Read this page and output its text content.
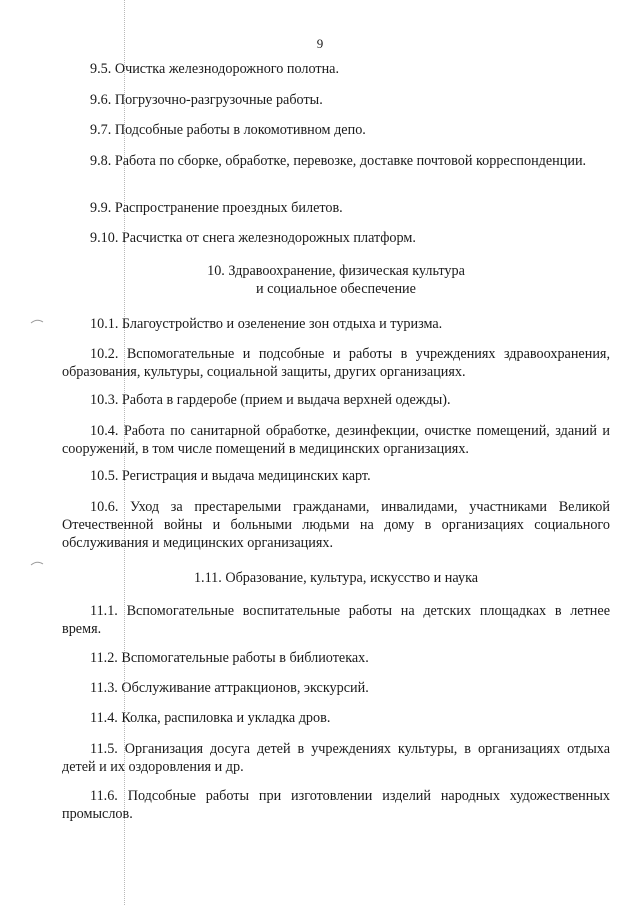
9

9.5. Очистка железнодорожного полотна.

9.6. Погрузочно-разгрузочные работы.

9.7. Подсобные работы в локомотивном депо.

9.8. Работа по сборке, обработке, перевозке, доставке почтовой корреспонденции.

9.9. Распространение проездных билетов.

9.10. Расчистка от снега железнодорожных платформ.

10. Здравоохранение, физическая культура
и социальное обеспечение

10.1. Благоустройство и озеленение зон отдыха и туризма.

10.2. Вспомогательные и подсобные и работы в учреждениях здравоохранения, образования, культуры, социальной защиты, других организациях.

10.3. Работа в гардеробе (прием и выдача верхней одежды).

10.4. Работа по санитарной обработке, дезинфекции, очистке помещений, зданий и сооружений, в том числе помещений в медицинских организациях.

10.5. Регистрация и выдача медицинских карт.

10.6. Уход за престарелыми гражданами, инвалидами, участниками Великой Отечественной войны и больными людьми на дому в организациях социального обслуживания и медицинских организациях.

1.11. Образование, культура, искусство и наука

11.1. Вспомогательные воспитательные работы на детских площадках в летнее время.

11.2. Вспомогательные работы в библиотеках.

11.3. Обслуживание аттракционов, экскурсий.

11.4. Колка, распиловка и укладка дров.

11.5. Организация досуга детей в учреждениях культуры, в организациях отдыха детей и их оздоровления и др.

11.6. Подсобные работы при изготовлении изделий народных художественных промыслов.
